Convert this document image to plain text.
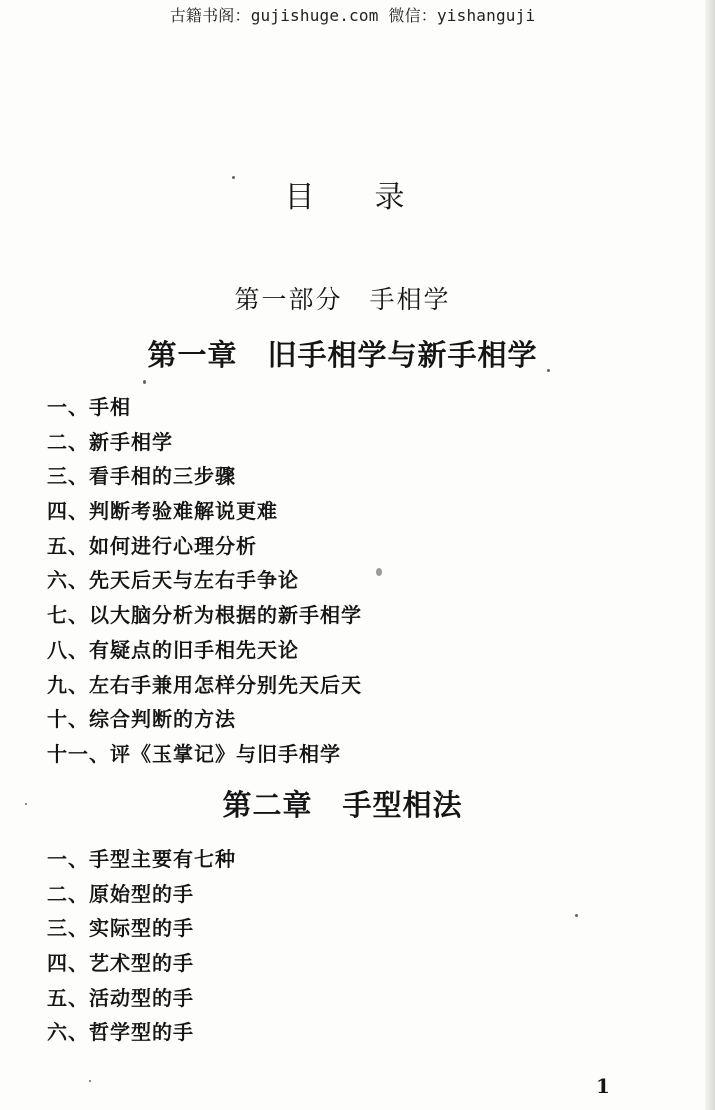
古籍书阁：gujishuge.com 微信：yishanguji
目录
第一部分　手相学
第一章　旧手相学与新手相学
一、手相
二、新手相学
三、看手相的三步骤
四、判断考验难解说更难
五、如何进行心理分析
六、先天后天与左右手争论
七、以大脑分析为根据的新手相学
八、有疑点的旧手相先天论
九、左右手兼用怎样分别先天后天
十、综合判断的方法
十一、评《玉掌记》与旧手相学
第二章　手型相法
一、手型主要有七种
二、原始型的手
三、实际型的手
四、艺术型的手
五、活动型的手
六、哲学型的手
1
